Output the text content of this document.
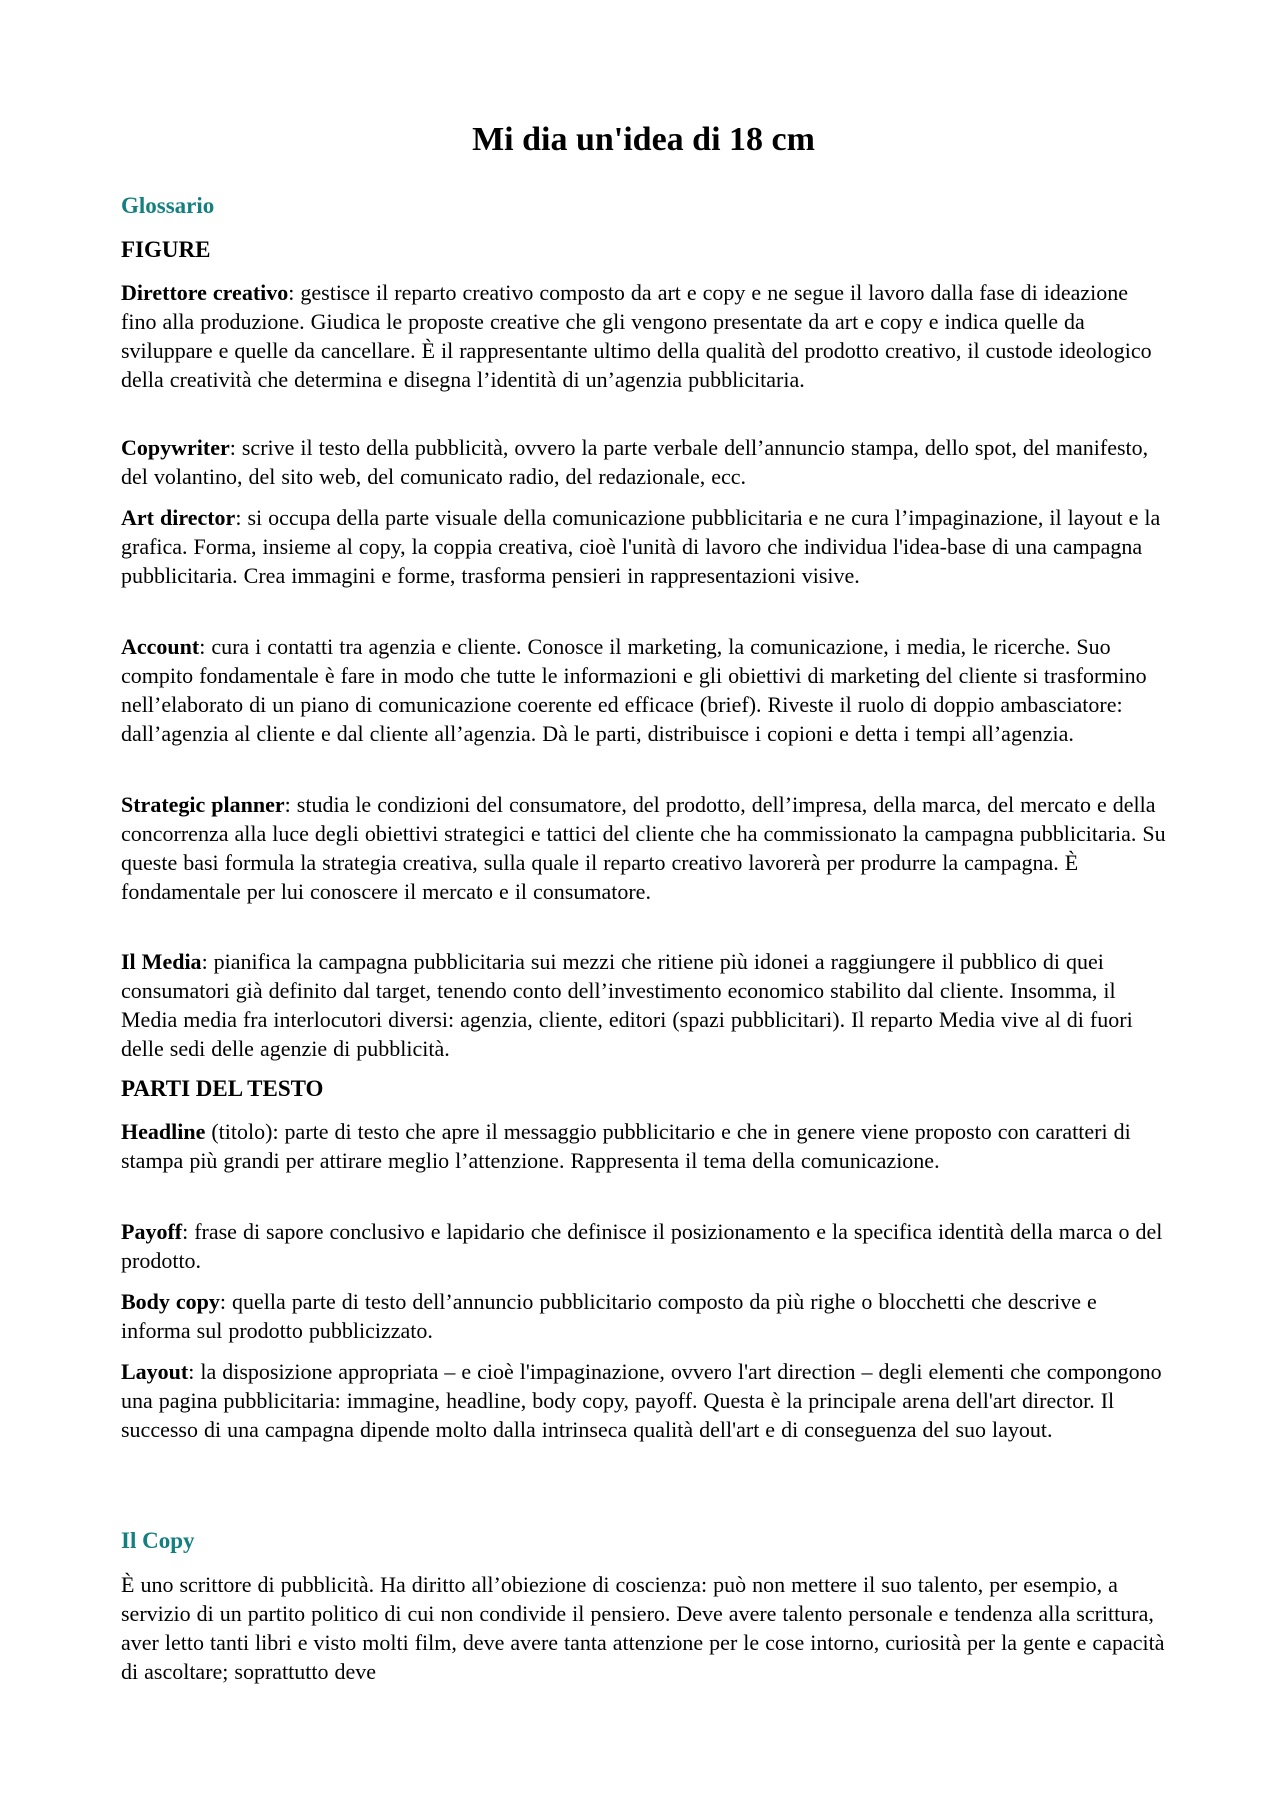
Mi dia un'idea di 18 cm
Glossario
FIGURE

Direttore creativo: gestisce il reparto creativo composto da art e copy e ne segue il lavoro dalla fase di ideazione fino alla produzione. Giudica le proposte creative che gli vengono presentate da art e copy e indica quelle da sviluppare e quelle da cancellare. È il rappresentante ultimo della qualità del prodotto creativo, il custode ideologico della creatività che determina e disegna l’identità di un’agenzia pubblicitaria.

Copywriter: scrive il testo della pubblicità, ovvero la parte verbale dell’annuncio stampa, dello spot, del manifesto, del volantino, del sito web, del comunicato radio, del redazionale, ecc.

Art director: si occupa della parte visuale della comunicazione pubblicitaria e ne cura l’impaginazione, il layout e la grafica. Forma, insieme al copy, la coppia creativa, cioè l'unità di lavoro che individua l'idea-base di una campagna pubblicitaria. Crea immagini e forme, trasforma pensieri in rappresentazioni visive.

Account: cura i contatti tra agenzia e cliente. Conosce il marketing, la comunicazione, i media, le ricerche. Suo compito fondamentale è fare in modo che tutte le informazioni e gli obiettivi di marketing del cliente si trasformino nell’elaborato di un piano di comunicazione coerente ed efficace (brief). Riveste il ruolo di doppio ambasciatore: dall’agenzia al cliente e dal cliente all’agenzia. Dà le parti, distribuisce i copioni e detta i tempi all’agenzia.

Strategic planner: studia le condizioni del consumatore, del prodotto, dell’impresa, della marca, del mercato e della concorrenza alla luce degli obiettivi strategici e tattici del cliente che ha commissionato la campagna pubblicitaria. Su queste basi formula la strategia creativa, sulla quale il reparto creativo lavorerà per produrre la campagna. È fondamentale per lui conoscere il mercato e il consumatore.

Il Media: pianifica la campagna pubblicitaria sui mezzi che ritiene più idonei a raggiungere il pubblico di quei consumatori già definito dal target, tenendo conto dell’investimento economico stabilito dal cliente. Insomma, il Media media fra interlocutori diversi: agenzia, cliente, editori (spazi pubblicitari). Il reparto Media vive al di fuori delle sedi delle agenzie di pubblicità.

PARTI DEL TESTO

Headline (titolo): parte di testo che apre il messaggio pubblicitario e che in genere viene proposto con caratteri di stampa più grandi per attirare meglio l’attenzione. Rappresenta il tema della comunicazione.

Payoff: frase di sapore conclusivo e lapidario che definisce il posizionamento e la specifica identità della marca o del prodotto.

Body copy: quella parte di testo dell’annuncio pubblicitario composto da più righe o blocchetti che descrive e informa sul prodotto pubblicizzato.

Layout: la disposizione appropriata – e cioè l'impaginazione, ovvero l'art direction – degli elementi che compongono una pagina pubblicitaria: immagine, headline, body copy, payoff. Questa è la principale arena dell'art director. Il successo di una campagna dipende molto dalla intrinseca qualità dell'art e di conseguenza del suo layout.

Il Copy

È uno scrittore di pubblicità. Ha diritto all’obiezione di coscienza: può non mettere il suo talento, per esempio, a servizio di un partito politico di cui non condivide il pensiero. Deve avere talento personale e tendenza alla scrittura, aver letto tanti libri e visto molti film, deve avere tanta attenzione per le cose intorno, curiosità per la gente e capacità di ascoltare; soprattutto deve
